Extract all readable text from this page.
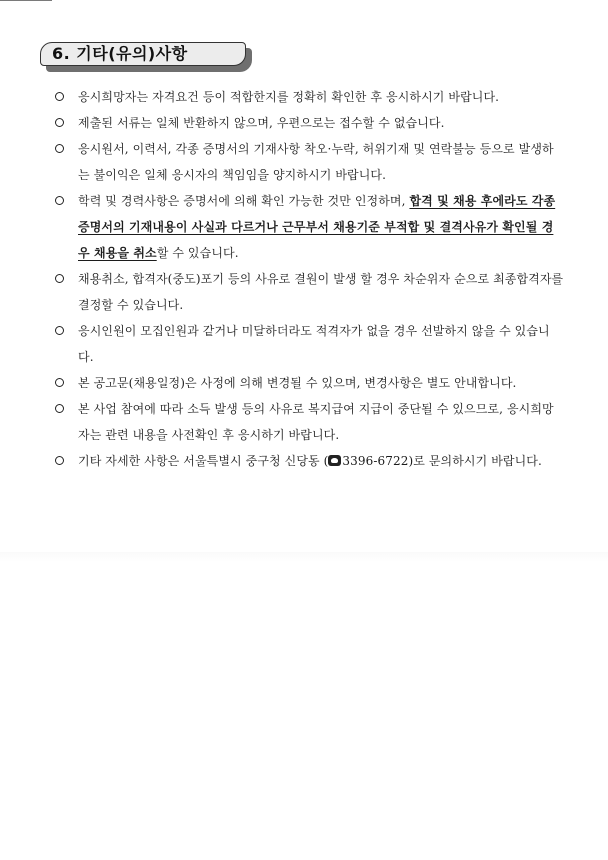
6. 기타(유의)사항
응시희망자는 자격요건 등이 적합한지를 정확히 확인한 후 응시하시기 바랍니다.
제출된 서류는 일체 반환하지 않으며, 우편으로는 접수할 수 없습니다.
응시원서, 이력서, 각종 증명서의 기재사항 착오·누락, 허위기재 및 연락불능 등으로 발생하는 불이익은 일체 응시자의 책임임을 양지하시기 바랍니다.
학력 및 경력사항은 증명서에 의해 확인 가능한 것만 인정하며, 합격 및 채용 후에라도 각종 증명서의 기재내용이 사실과 다르거나 근무부서 채용기준 부적합 및 결격사유가 확인될 경우 채용을 취소할 수 있습니다.
채용취소, 합격자(중도)포기 등의 사유로 결원이 발생 할 경우 차순위자 순으로 최종합격자를 결정할 수 있습니다.
응시인원이 모집인원과 같거나 미달하더라도 적격자가 없을 경우 선발하지 않을 수 있습니다.
본 공고문(채용일정)은 사정에 의해 변경될 수 있으며, 변경사항은 별도 안내합니다.
본 사업 참여에 따라 소득 발생 등의 사유로 복지급여 지급이 중단될 수 있으므로, 응시희망자는 관련 내용을 사전확인 후 응시하기 바랍니다.
기타 자세한 사항은 서울특별시 중구청 신당동 ( 3396-6722)로 문의하시기 바랍니다.
